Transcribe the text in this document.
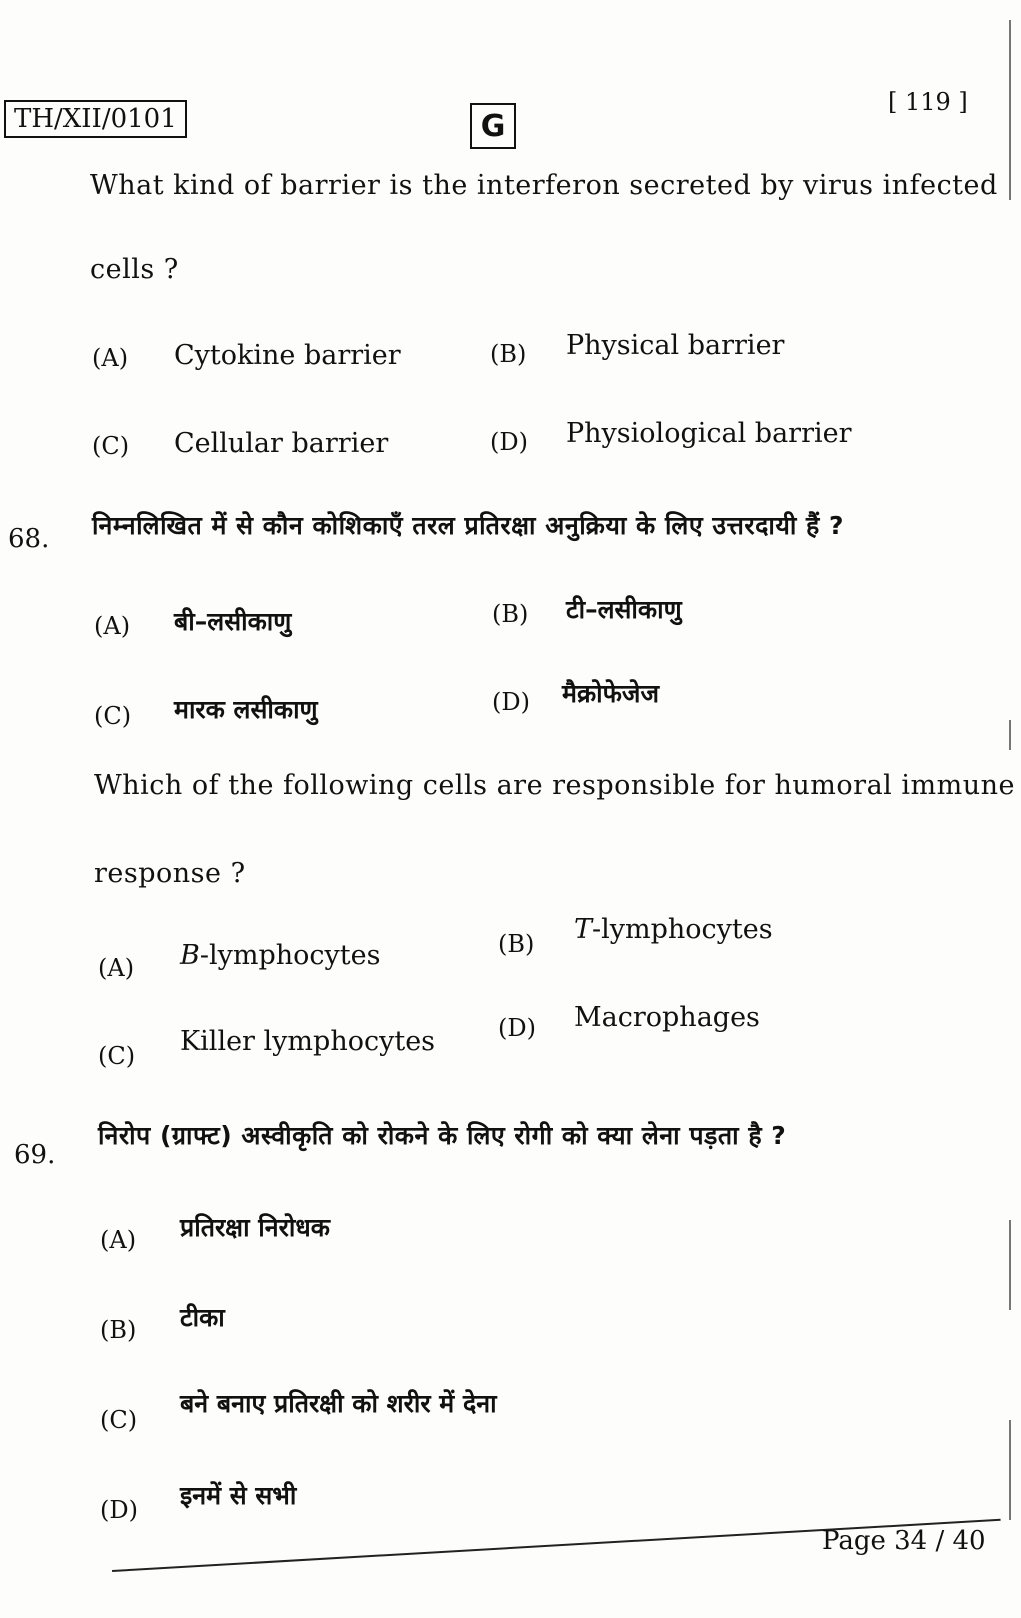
TH/XII/0101	G
[ 119 ]
What kind of barrier is the interferon secreted by virus infected
cells ?
(A) Cytokine barrier	(B) Physical barrier
(C) Cellular barrier	(D) Physiological barrier
68. निम्नलिखित में से कौन कोशिकाएँ तरल प्रतिरक्षा अनुक्रिया के लिए उत्तरदायी हैं ?
(A) बी–लसीकाणु	(B) टी–लसीकाणु
(C) मारक लसीकाणु	(D) मैक्रोफेजेज
Which of the following cells are responsible for humoral immune
response ?
(A) B-lymphocytes	(B) T-lymphocytes
(C) Killer lymphocytes	(D) Macrophages
69.
निरोप (ग्राफ्ट) अस्वीकृति को रोकने के लिए रोगी को क्या लेना पड़ता है ?
(A) प्रतिरक्षा निरोधक
(B) टीका
(C)
बने बनाए प्रतिरक्षी को शरीर में देना
(D) इनमें से सभी
Page 34 / 40
